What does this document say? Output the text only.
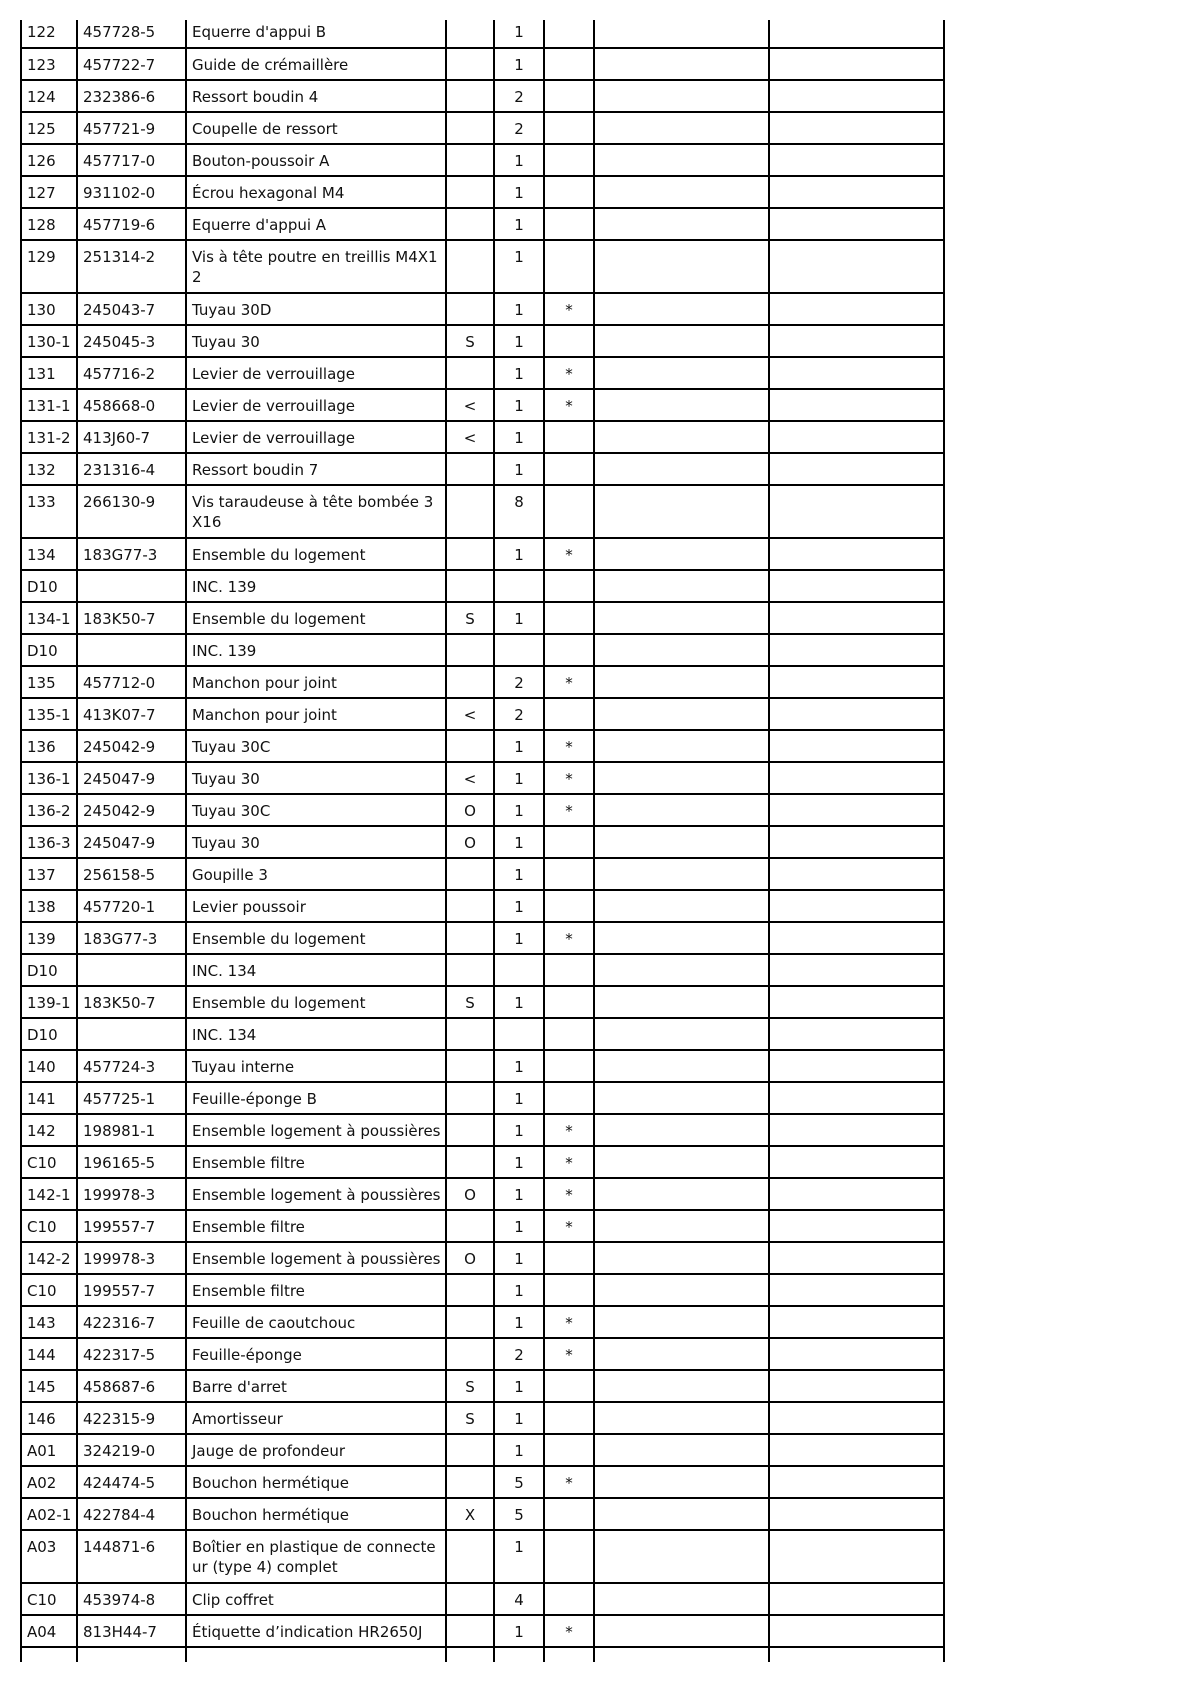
122	457728-5	Equerre d'appui B		1			
123	457722-7	Guide de crémaillère		1			
124	232386-6	Ressort boudin 4		2			
125	457721-9	Coupelle de ressort		2			
126	457717-0	Bouton-poussoir A		1			
127	931102-0	Écrou hexagonal M4		1			
128	457719-6	Equerre d'appui A		1			
129	251314-2	Vis à tête poutre en treillis M4X12		1			
130	245043-7	Tuyau 30D		1	*		
130-1	245045-3	Tuyau 30	S	1			
131	457716-2	Levier de verrouillage		1	*		
131-1	458668-0	Levier de verrouillage	<	1	*		
131-2	413J60-7	Levier de verrouillage	<	1			
132	231316-4	Ressort boudin 7		1			
133	266130-9	Vis taraudeuse à tête bombée 3X16		8			
134	183G77-3	Ensemble du logement		1	*		
D10		INC. 139					
134-1	183K50-7	Ensemble du logement	S	1			
D10		INC. 139					
135	457712-0	Manchon pour joint		2	*		
135-1	413K07-7	Manchon pour joint	<	2			
136	245042-9	Tuyau 30C		1	*		
136-1	245047-9	Tuyau 30	<	1	*		
136-2	245042-9	Tuyau 30C	O	1	*		
136-3	245047-9	Tuyau 30	O	1			
137	256158-5	Goupille 3		1			
138	457720-1	Levier poussoir		1			
139	183G77-3	Ensemble du logement		1	*		
D10		INC. 134					
139-1	183K50-7	Ensemble du logement	S	1			
D10		INC. 134					
140	457724-3	Tuyau interne		1			
141	457725-1	Feuille-éponge B		1			
142	198981-1	Ensemble logement à poussières		1	*		
C10	196165-5	Ensemble filtre		1	*		
142-1	199978-3	Ensemble logement à poussières	O	1	*		
C10	199557-7	Ensemble filtre		1	*		
142-2	199978-3	Ensemble logement à poussières	O	1			
C10	199557-7	Ensemble filtre		1			
143	422316-7	Feuille de caoutchouc		1	*		
144	422317-5	Feuille-éponge		2	*		
145	458687-6	Barre d'arret	S	1			
146	422315-9	Amortisseur	S	1			
A01	324219-0	Jauge de profondeur		1			
A02	424474-5	Bouchon hermétique		5	*		
A02-1	422784-4	Bouchon hermétique	X	5			
A03	144871-6	Boîtier en plastique de connecteur (type 4) complet		1			
C10	453974-8	Clip coffret		4			
A04	813H44-7	Étiquette d’indication HR2650J		1	*		
